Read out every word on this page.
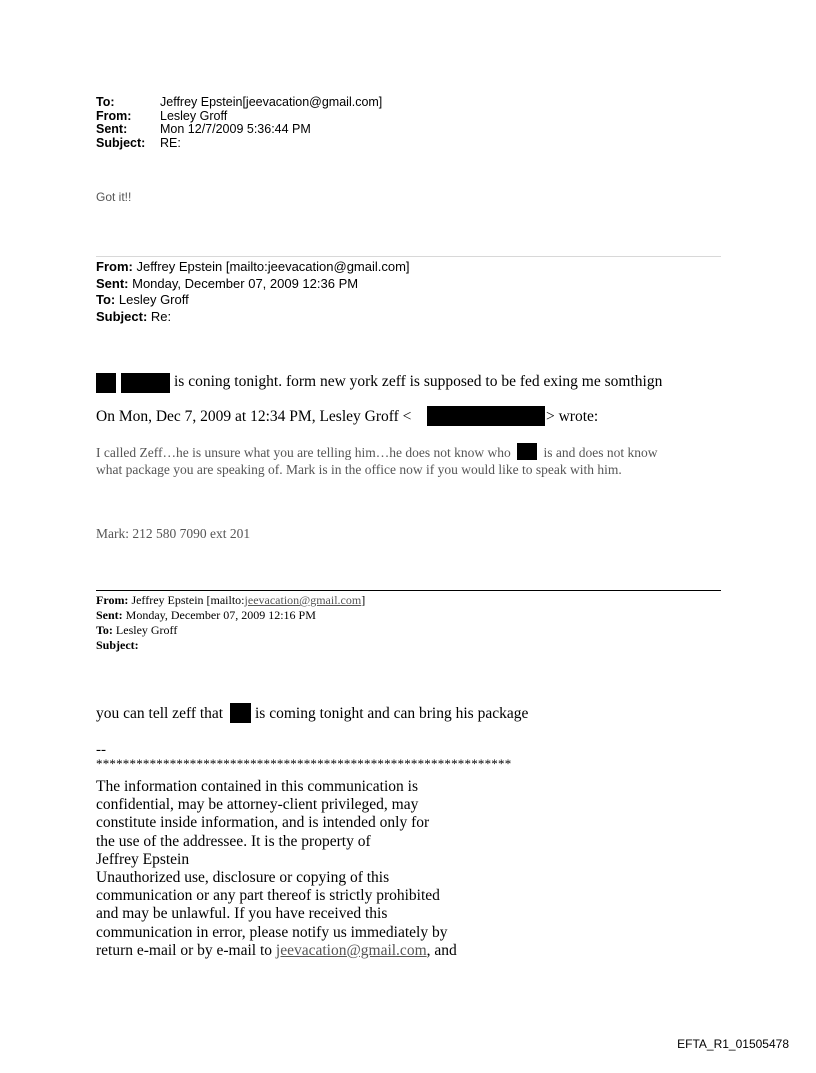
To:	Jeffrey Epstein[jeevacation@gmail.com]
From:	Lesley Groff
Sent:	Mon 12/7/2009 5:36:44 PM
Subject:	RE:
Got it!!
From: Jeffrey Epstein [mailto:jeevacation@gmail.com]
Sent: Monday, December 07, 2009 12:36 PM
To: Lesley Groff
Subject: Re:
is coning tonight. form new york zeff is supposed to be fed exing me somthign
On Mon, Dec 7, 2009 at 12:34 PM, Lesley Groff <	> wrote:
I called Zeff…he is unsure what you are telling him…he does not know who is and does not know
what package you are speaking of. Mark is in the office now if you would like to speak with him.
Mark: 212 580 7090 ext 201
From: Jeffrey Epstein [mailto:jeevacation@gmail.com]
Sent: Monday, December 07, 2009 12:16 PM
To: Lesley Groff
Subject:
you can tell zeff that is coming tonight and can bring his package
--
**************************************************************
The information contained in this communication is
confidential, may be attorney-client privileged, may
constitute inside information, and is intended only for
the use of the addressee. It is the property of
Jeffrey Epstein
Unauthorized use, disclosure or copying of this
communication or any part thereof is strictly prohibited
and may be unlawful. If you have received this
communication in error, please notify us immediately by
return e-mail or by e-mail to jeevacation@gmail.com, and
EFTA_R1_01505478
